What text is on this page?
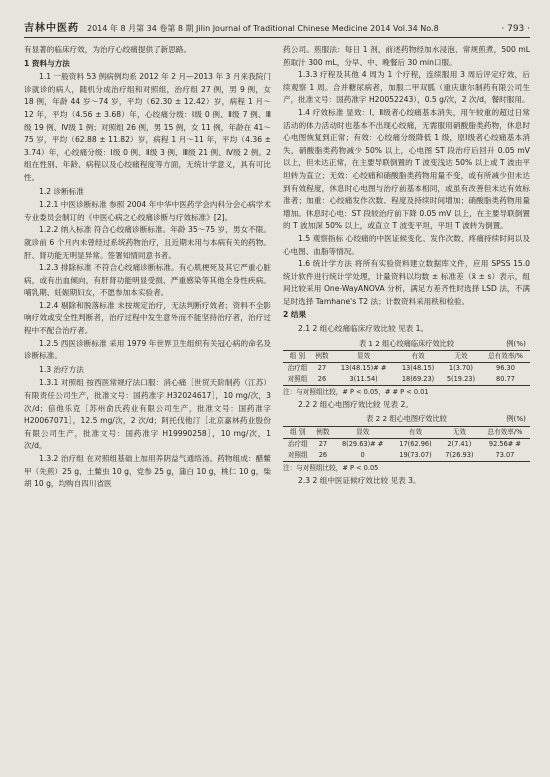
吉林中医药 2014 年 8 月第 34 卷第 8 期 Jilin Journal of Traditional Chinese Medicine 2014 Vol.34 No.8	· 793 ·

有显著的临床疗效，为治疗心绞痛提供了新思路。

1 资料与方法

1.1 一般资料 53 例病例均系 2012 年 2 月—2013 年 3 月来我院门诊就诊的病人，随机分成治疗组和对照组，治疗组 27 例，男 9 例，女 18 例，年龄 44 岁～74 岁，平均（62.30 ± 12.42）岁，病程 1 月～12 年，平均（4.56 ± 3.68）年，心绞痛分级：Ⅰ级 0 例、Ⅱ级 7 例、Ⅲ级 19 例、Ⅳ级 1 例；对照组 26 例，男 15 例，女 11 例，年龄在 41～75 岁，平均（62.88 ± 11.82）岁，病程 1 月～11 年，平均（4.36 ± 3.74）年，心绞痛分级：Ⅰ级 0 例、Ⅱ级 3 例、Ⅲ级 21 例、Ⅳ级 2 例。2 组在性别、年龄、病程以及心绞痛程度等方面，无统计学意义，具有可比性。

1.2 诊断标准

1.2.1 中医诊断标准 参照 2004 年中华中医药学会内科分会心病学术专业委员会制订的《中医心病之心绞痛诊断与疗效标准》[2]。

1.2.2 纳入标准 符合心绞痛诊断标准。年龄 35～75 岁，男女不限。就诊前 6 个月内未曾经过系统药物治疗，且近期未用与本病有关的药物。肝、肾功能无明显异常。签署知情同意书者。

1.2.3 排除标准 不符合心绞痛诊断标准。有心肌梗死及其它严重心脏病，或有出血倾向，有肝肾功能明显受损、严重感染等其他全身性疾病。哺乳期、妊娠期妇女，不愿参加本实验者。

1.2.4 剔除和脱落标准 未按规定治疗，无法判断疗效者；资料不全影响疗效或安全性判断者，治疗过程中发生意外而不能坚持治疗者，治疗过程中不配合治疗者。

1.2.5 西医诊断标准 采用 1979 年世界卫生组织有关冠心病的命名及诊断标准。

1.3 治疗方法

1.3.1 对照组 按西医常规疗法口服：消心痛［世贸天阶制药（江苏）有限责任公司生产，批准文号：国药准字 H32024617］，10 mg/次，3 次/d；倍他乐克［苏州俞氏药业有限公司生产，批准文号：国药准字 H20067071］，12.5 mg/次，2 次/d；阿托伐他汀［北京嘉林药业股份有限公司生产，批准文号：国药准字 H19990258］，10 mg/次，1 次/d。

1.3.2 治疗组 在对照组基础上加用养阴益气通络汤。药物组成：醋鳖甲（先煎）25 g，土鳖虫 10 g，党参 25 g，蒲白 10 g，桃仁 10 g，柴胡 10 g，均购自四川省医

药公司。煎服法：每日 1 剂，前述药物经加水浸泡、常规煎煮，500 mL 煎取汁 300 mL，分早、中、晚餐后 30 min口服。

1.3.3 疗程及其他 4 周为 1 个疗程，连续服用 3 周后评定疗效，后续观察 1 周。合并糖尿病者，加服二甲双胍（重庆康尔制药有限公司生产，批准文号：国药准字 H20052243），0.5 g/次，2 次/d，餐时服用。

1.4 疗效标准 显效：Ⅰ、Ⅱ级者心绞痛基本消失，用午较重的超过日常活动的体力活动时也基本不出现心绞痛，无需服用硝酸脂类药物，休息时心电图恢复到正常；有效：心绞痛分级降低 1 级，原Ⅰ级者心绞痛基本消失，硝酸脂类药物减少 50% 以上，心电图 ST 段治疗后回升 0.05 mV 以上，但未达正常，在主要导联倒置的 T 波变浅达 50% 以上或 T 波由平坦转为直立；无效：心绞痛和硝酸脂类药物用量不变，或有所减少但未达到有效程度，休息时心电图与治疗前基本相同，或虽有改善但未达有效标准者；加重：心绞痛发作次数、程度及持续时间增加；硝酸脂类药物用量增加。休息时心电：ST 段较治疗前下降 0.05 mV 以上，在主要导联倒置的 T 波加深 50% 以上，或直立 T 波变平坦，平坦 T 波转为倒置。

1.5 观察指标 心绞痛的中医证候变化、发作次数、疼痛持续时间以及心电图、血脂等情况。

1.6 统计学方法 将所有实验资料建立数据库文件，应用 SPSS 15.0 统计软件进行统计学处理，计量资料以均数 ± 标准差（x̄ ± s）表示，组间比较采用 One-WayANOVA 分析，满足方差齐性时选择 LSD 法，不满足时选择 Tamhane's T2 法；计数资料采用秩和检验。

2 结果

2.1 2 组心绞痛临床疗效比较 见表 1。

表 1 2 组心绞痛临床疗效比较	例(%)
组 别	例数	显效	有效	无效	总有效率/%
治疗组	27	13(48.15)# #	13(48.15)	1(3.70)	96.30
对照组	26	3(11.54)	18(69.23)	5(19.23)	80.77

注：与对照组比较，# P < 0.05，# # P < 0.01

2.2 2 组心电图疗效比较 见表 2。

表 2 2 组心电图疗效比较	例(%)
组 别	例数	显效	有效	无效	总有效率/%
治疗组	27	8(29.63)# #	17(62.96)	2(7.41)	92.56# #
对照组	26	0	19(73.07)	7(26.93)	73.07

注：与对照组比较，# P < 0.05

2.3 2 组中医证候疗效比较 见表 3。
